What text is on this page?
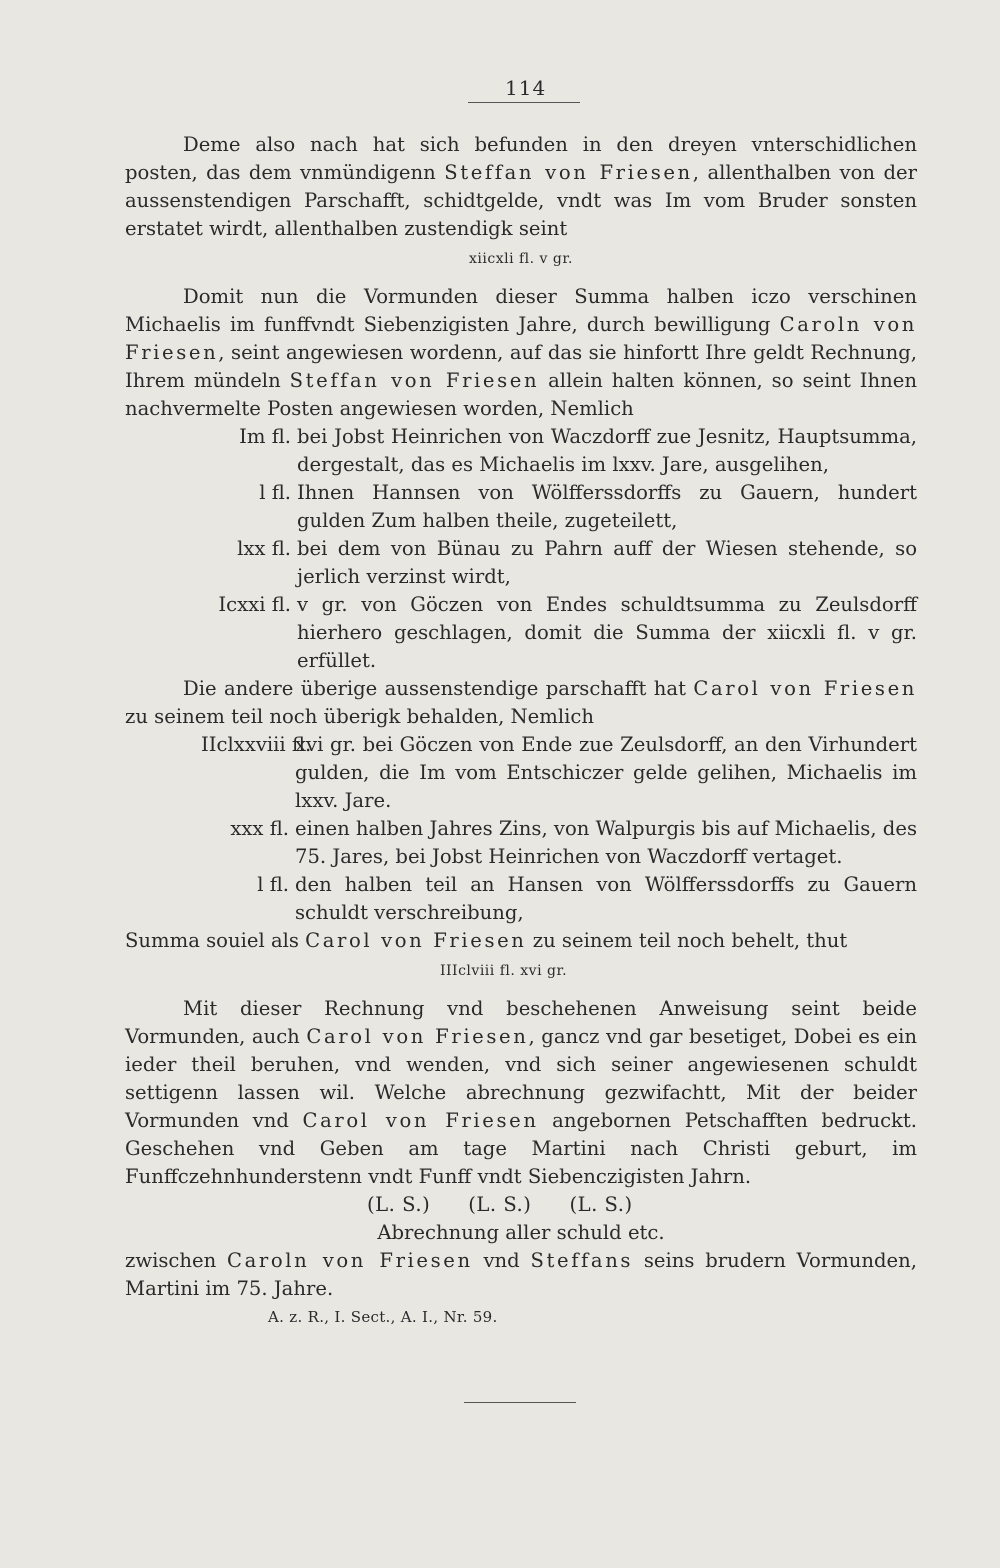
114

Deme also nach hat sich befunden in den dreyen vnterschidlichen posten, das dem vnmündigenn Steffan von Friesen, allenthalben von der aussenstendigen Parschafft, schidtgelde, vndt was Im vom Bruder sonsten erstatet wirdt, allenthalben zustendigk seint

xiicxli fl. v gr.

Domit nun die Vormunden dieser Summa halben iczo verschinen Michaelis im funffvndt Siebenzigisten Jahre, durch bewilligung Caroln von Friesen, seint angewiesen wordenn, auf das sie hinfortt Ihre geldt Rechnung, Ihrem mündeln Steffan von Friesen allein halten können, so seint Ihnen nachvermelte Posten angewiesen worden, Nemlich

Im fl. bei Jobst Heinrichen von Waczdorff zue Jesnitz, Hauptsumma, dergestalt, das es Michaelis im lxxv. Jare, ausgelihen,
l fl. Ihnen Hannsen von Wölfferssdorffs zu Gauern, hundert gulden Zum halben theile, zugeteilett,
lxx fl. bei dem von Bünau zu Pahrn auff der Wiesen stehende, so jerlich verzinst wirdt,
Icxxi fl. v gr. von Göczen von Endes schuldtsumma zu Zeulsdorff hierhero geschlagen, domit die Summa der xiicxli fl. v gr. erfüllet.

Die andere überige aussenstendige parschafft hat Carol von Friesen zu seinem teil noch überigk behalden, Nemlich

IIclxxviii fl.
xvi gr. bei Göczen von Ende zue Zeulsdorff, an den Virhundert gulden, die Im vom Entschiczer gelde gelihen, Michaelis im lxxv. Jare.
xxx fl. einen halben Jahres Zins, von Walpurgis bis auf Michaelis, des 75. Jares, bei Jobst Heinrichen von Waczdorff vertaget.
l fl. den halben teil an Hansen von Wölfferssdorffs zu Gauern schuldt verschreibung,

Summa souiel als Carol von Friesen zu seinem teil noch behelt, thut

IIIclviii fl. xvi gr.

Mit dieser Rechnung vnd beschehenen Anweisung seint beide Vormunden, auch Carol von Friesen, gancz vnd gar besetiget, Dobei es ein ieder theil beruhen, vnd wenden, vnd sich seiner angewiesenen schuldt settigenn lassen wil. Welche abrechnung gezwifachtt, Mit der beider Vormunden vnd Carol von Friesen angebornen Petschafften bedruckt. Geschehen vnd Geben am tage Martini nach Christi geburt, im Funffczehnhunderstenn vndt Funff vndt Siebenczigisten Jahrn.

(L. S.) (L. S.) (L. S.)

Abrechnung aller schuld etc.

zwischen Caroln von Friesen vnd Steffans seins brudern Vormunden, Martini im 75. Jahre.

A. z. R., I. Sect., A. I., Nr. 59.
